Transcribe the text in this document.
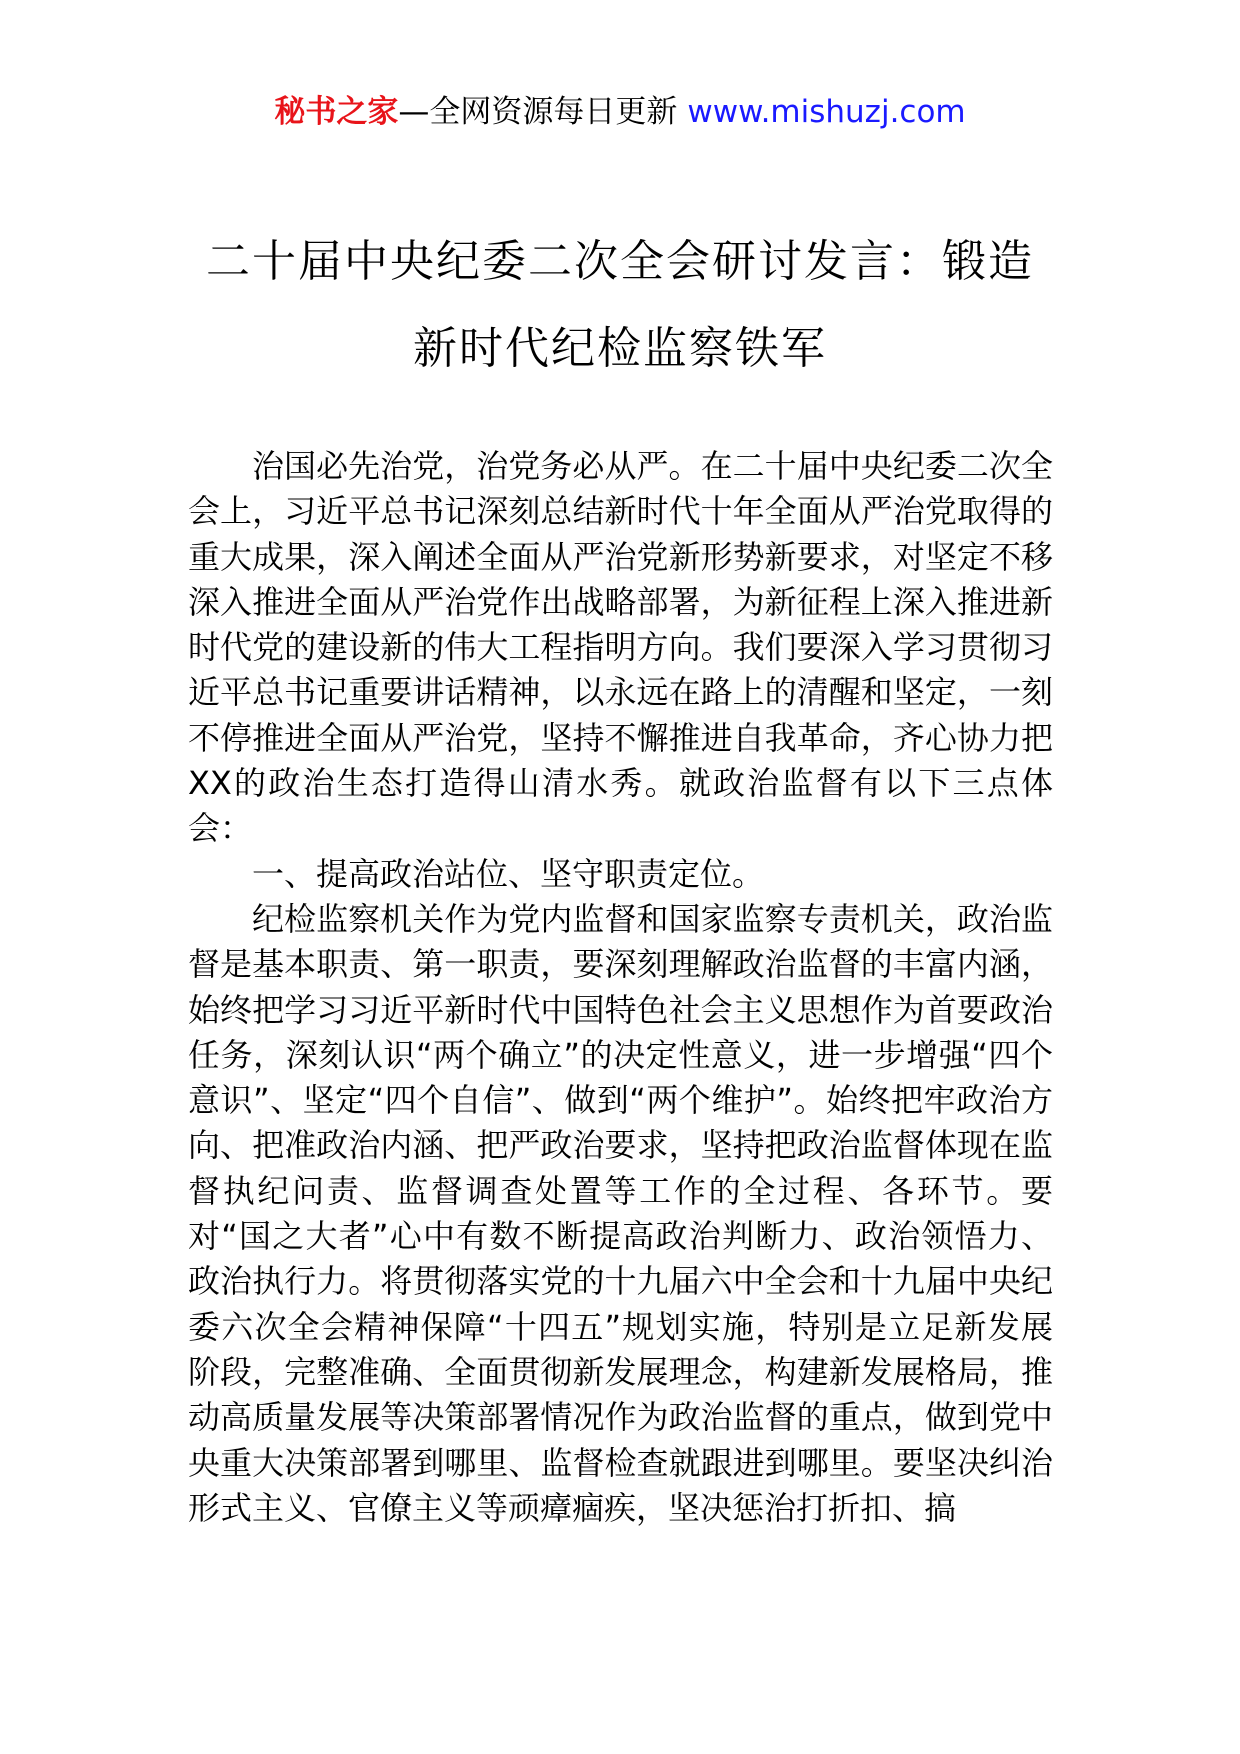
秘书之家—全网资源每日更新 www.mishuzj.com
二十届中央纪委二次全会研讨发言：锻造
新时代纪检监察铁军

治国必先治党，治党务必从严。在二十届中央纪委二次全会上，习近平总书记深刻总结新时代十年全面从严治党取得的重大成果，深入阐述全面从严治党新形势新要求，对坚定不移深入推进全面从严治党作出战略部署，为新征程上深入推进新时代党的建设新的伟大工程指明方向。我们要深入学习贯彻习近平总书记重要讲话精神，以永远在路上的清醒和坚定，一刻不停推进全面从严治党，坚持不懈推进自我革命，齐心协力把XX的政治生态打造得山清水秀。就政治监督有以下三点体会：

一、提高政治站位、坚守职责定位。

纪检监察机关作为党内监督和国家监察专责机关，政治监督是基本职责、第一职责，要深刻理解政治监督的丰富内涵，始终把学习习近平新时代中国特色社会主义思想作为首要政治任务，深刻认识“两个确立”的决定性意义，进一步增强“四个意识”、坚定“四个自信”、做到“两个维护”。始终把牢政治方向、把准政治内涵、把严政治要求，坚持把政治监督体现在监督执纪问责、监督调查处置等工作的全过程、各环节。要对“国之大者”心中有数不断提高政治判断力、政治领悟力、政治执行力。将贯彻落实党的十九届六中全会和十九届中央纪委六次全会精神保障“十四五”规划实施，特别是立足新发展阶段，完整准确、全面贯彻新发展理念，构建新发展格局，推动高质量发展等决策部署情况作为政治监督的重点，做到党中央重大决策部署到哪里、监督检查就跟进到哪里。要坚决纠治形式主义、官僚主义等顽瘴痼疾，坚决惩治打折扣、搞
